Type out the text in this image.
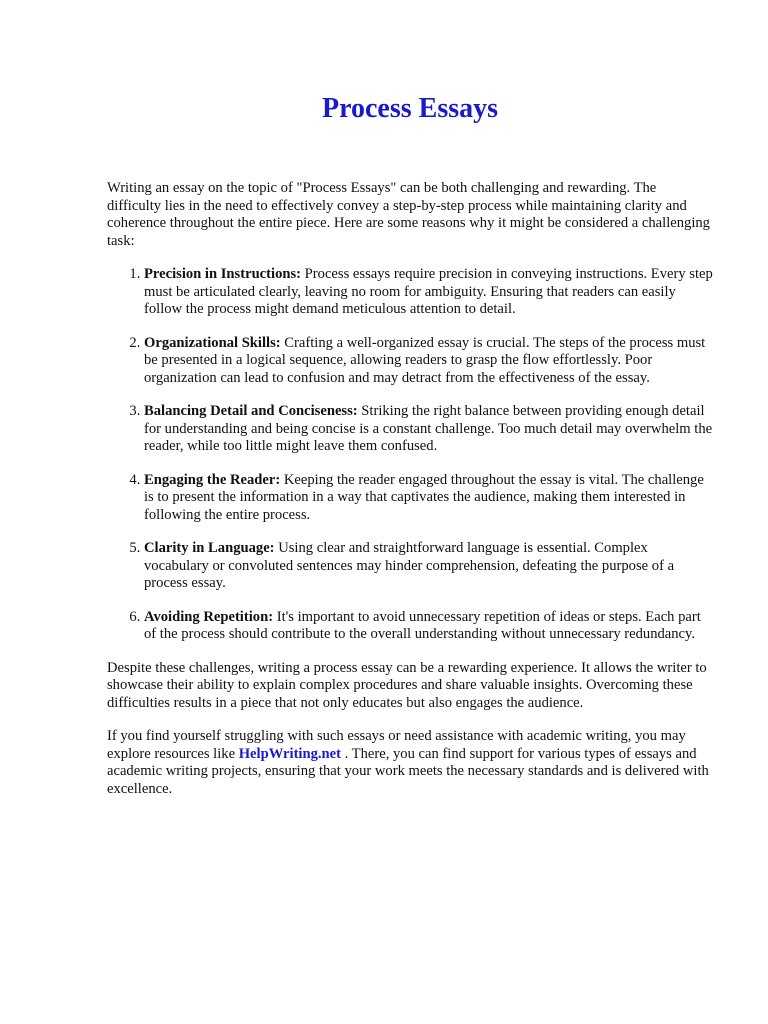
Process Essays

Writing an essay on the topic of "Process Essays" can be both challenging and rewarding. The difficulty lies in the need to effectively convey a step-by-step process while maintaining clarity and coherence throughout the entire piece. Here are some reasons why it might be considered a challenging task:

1. Precision in Instructions: Process essays require precision in conveying instructions. Every step must be articulated clearly, leaving no room for ambiguity. Ensuring that readers can easily follow the process might demand meticulous attention to detail.
2. Organizational Skills: Crafting a well-organized essay is crucial. The steps of the process must be presented in a logical sequence, allowing readers to grasp the flow effortlessly. Poor organization can lead to confusion and may detract from the effectiveness of the essay.
3. Balancing Detail and Conciseness: Striking the right balance between providing enough detail for understanding and being concise is a constant challenge. Too much detail may overwhelm the reader, while too little might leave them confused.
4. Engaging the Reader: Keeping the reader engaged throughout the essay is vital. The challenge is to present the information in a way that captivates the audience, making them interested in following the entire process.
5. Clarity in Language: Using clear and straightforward language is essential. Complex vocabulary or convoluted sentences may hinder comprehension, defeating the purpose of a process essay.
6. Avoiding Repetition: It's important to avoid unnecessary repetition of ideas or steps. Each part of the process should contribute to the overall understanding without unnecessary redundancy.

Despite these challenges, writing a process essay can be a rewarding experience. It allows the writer to showcase their ability to explain complex procedures and share valuable insights. Overcoming these difficulties results in a piece that not only educates but also engages the audience.

If you find yourself struggling with such essays or need assistance with academic writing, you may explore resources like HelpWriting.net . There, you can find support for various types of essays and academic writing projects, ensuring that your work meets the necessary standards and is delivered with excellence.
